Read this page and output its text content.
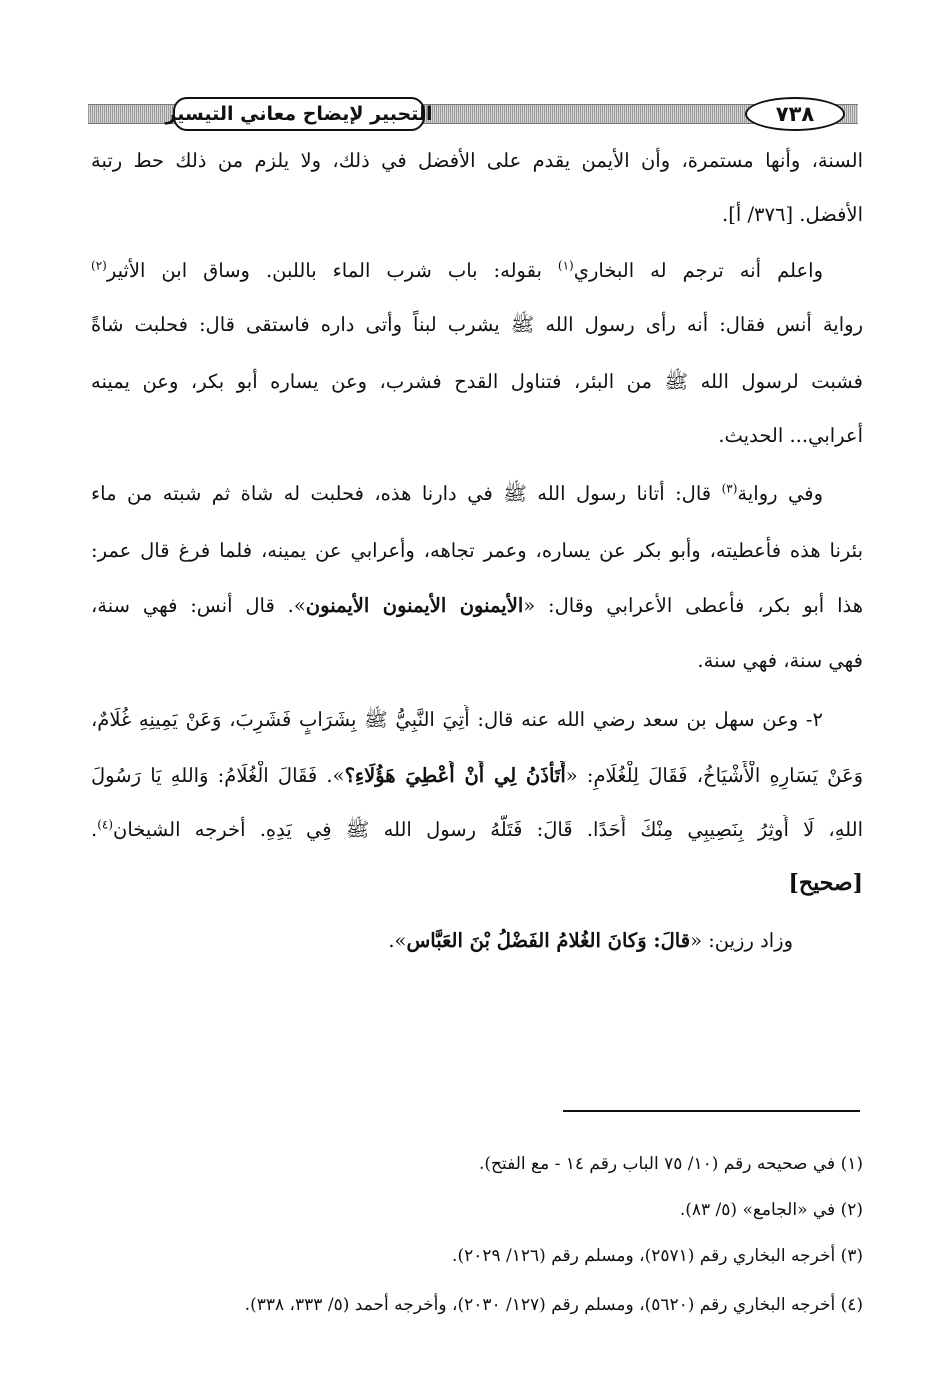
التحبير لإيضاح معاني التيسير	٧٣٨
السنة، وأنها مستمرة، وأن الأيمن يقدم على الأفضل في ذلك، ولا يلزم من ذلك حط رتبة
الأفضل. [٣٧٦/ أ].
واعلم أنه ترجم له البخاري$^{(١)}$ بقوله: باب شرب الماء باللبن. وساق ابن الأثير$^{(٢)}$
رواية أنس فقال: أنه رأى رسول الله ﷺ يشرب لبناً وأتى داره فاستقى قال: فحلبت شاةً
فشبت لرسول الله ﷺ من البئر، فتناول القدح فشرب، وعن يساره أبو بكر، وعن يمينه
أعرابي... الحديث.
وفي رواية$^{(٣)}$ قال: أتانا رسول الله ﷺ في دارنا هذه، فحلبت له شاة ثم شبته من ماء
بئرنا هذه فأعطيته، وأبو بكر عن يساره، وعمر تجاهه، وأعرابي عن يمينه، فلما فرغ قال عمر:
هذا أبو بكر، فأعطى الأعرابي وقال: «الأيمنون الأيمنون الأيمنون». قال أنس: فهي سنة،
فهي سنة، فهي سنة.
٢- وعن سهل بن سعد رضي الله عنه قال: أُتِيَ النَّبِيُّ ﷺ بِشَرَابٍ فَشَرِبَ، وَعَنْ يَمِينِهِ غُلَامٌ،
وَعَنْ يَسَارِهِ الْأَشْيَاخُ، فَقَالَ لِلْغُلَامِ: «أَتَأْذَنُ لِي أَنْ أُعْطِيَ هَؤُلَاءِ؟». فَقَالَ الْغُلَامُ: وَاللهِ يَا رَسُولَ
اللهِ، لَا أُوثِرُ بِنَصِيبِي مِنْكَ أَحَدًا. قَالَ: فَتَلَّهُ رسول الله ﷺ فِي يَدِهِ. أخرجه الشيخان$^{(٤)}$.
[صحيح]
وزاد رزين: «قالَ: وَكانَ الغُلامُ الفَضْلُ بْنَ العَبَّاس».
(١) في صحيحه رقم (١٠/ ٧٥ الباب رقم ١٤ - مع الفتح).
(٢) في «الجامع» (٥/ ٨٣).
(٣) أخرجه البخاري رقم (٢٥٧١)، ومسلم رقم (١٢٦/ ٢٠٢٩).
(٤) أخرجه البخاري رقم (٥٦٢٠)، ومسلم رقم (١٢٧/ ٢٠٣٠)، وأخرجه أحمد (٥/ ٣٣٣، ٣٣٨).
